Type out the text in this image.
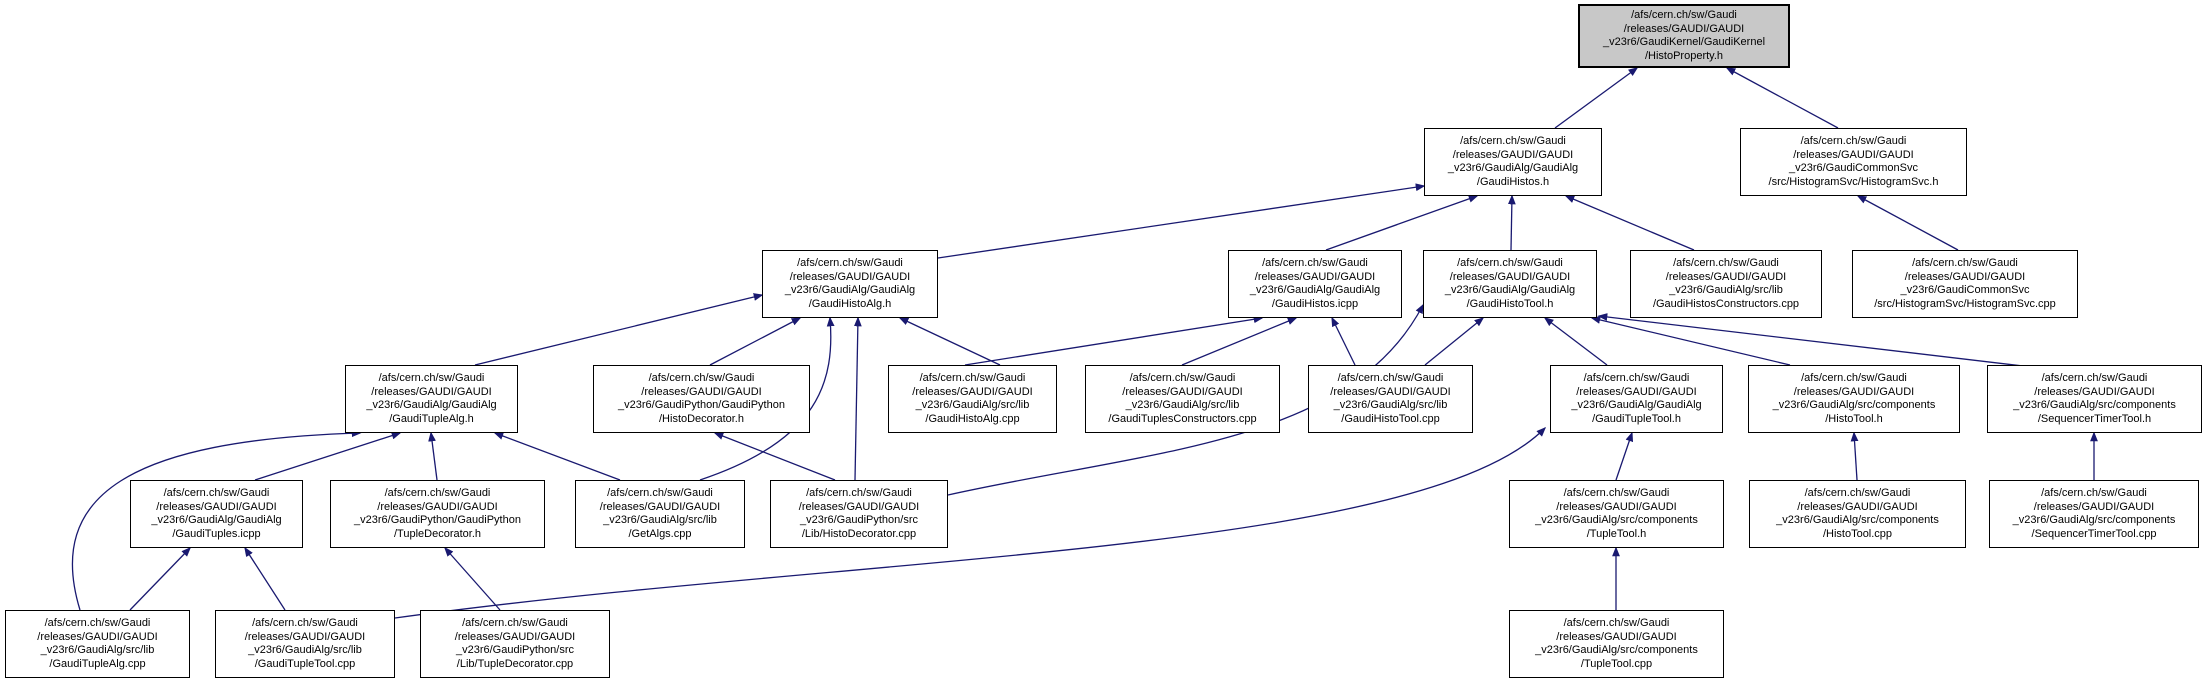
/afs/cern.ch/sw/Gaudi
/releases/GAUDI/GAUDI
_v23r6/GaudiKernel/GaudiKernel
/HistoProperty.h
/afs/cern.ch/sw/Gaudi
/releases/GAUDI/GAUDI
_v23r6/GaudiAlg/GaudiAlg
/GaudiHistos.h
/afs/cern.ch/sw/Gaudi
/releases/GAUDI/GAUDI
_v23r6/GaudiCommonSvc
/src/HistogramSvc/HistogramSvc.h
/afs/cern.ch/sw/Gaudi
/releases/GAUDI/GAUDI
_v23r6/GaudiAlg/GaudiAlg
/GaudiHistoAlg.h
/afs/cern.ch/sw/Gaudi
/releases/GAUDI/GAUDI
_v23r6/GaudiAlg/GaudiAlg
/GaudiHistos.icpp
/afs/cern.ch/sw/Gaudi
/releases/GAUDI/GAUDI
_v23r6/GaudiAlg/GaudiAlg
/GaudiHistoTool.h
/afs/cern.ch/sw/Gaudi
/releases/GAUDI/GAUDI
_v23r6/GaudiAlg/src/lib
/GaudiHistosConstructors.cpp
/afs/cern.ch/sw/Gaudi
/releases/GAUDI/GAUDI
_v23r6/GaudiCommonSvc
/src/HistogramSvc/HistogramSvc.cpp
/afs/cern.ch/sw/Gaudi
/releases/GAUDI/GAUDI
_v23r6/GaudiAlg/GaudiAlg
/GaudiTupleAlg.h
/afs/cern.ch/sw/Gaudi
/releases/GAUDI/GAUDI
_v23r6/GaudiPython/GaudiPython
/HistoDecorator.h
/afs/cern.ch/sw/Gaudi
/releases/GAUDI/GAUDI
_v23r6/GaudiAlg/src/lib
/GaudiHistoAlg.cpp
/afs/cern.ch/sw/Gaudi
/releases/GAUDI/GAUDI
_v23r6/GaudiAlg/src/lib
/GaudiTuplesConstructors.cpp
/afs/cern.ch/sw/Gaudi
/releases/GAUDI/GAUDI
_v23r6/GaudiAlg/src/lib
/GaudiHistoTool.cpp
/afs/cern.ch/sw/Gaudi
/releases/GAUDI/GAUDI
_v23r6/GaudiAlg/GaudiAlg
/GaudiTupleTool.h
/afs/cern.ch/sw/Gaudi
/releases/GAUDI/GAUDI
_v23r6/GaudiAlg/src/components
/HistoTool.h
/afs/cern.ch/sw/Gaudi
/releases/GAUDI/GAUDI
_v23r6/GaudiAlg/src/components
/SequencerTimerTool.h
/afs/cern.ch/sw/Gaudi
/releases/GAUDI/GAUDI
_v23r6/GaudiAlg/GaudiAlg
/GaudiTuples.icpp
/afs/cern.ch/sw/Gaudi
/releases/GAUDI/GAUDI
_v23r6/GaudiPython/GaudiPython
/TupleDecorator.h
/afs/cern.ch/sw/Gaudi
/releases/GAUDI/GAUDI
_v23r6/GaudiAlg/src/lib
/GetAlgs.cpp
/afs/cern.ch/sw/Gaudi
/releases/GAUDI/GAUDI
_v23r6/GaudiPython/src
/Lib/HistoDecorator.cpp
/afs/cern.ch/sw/Gaudi
/releases/GAUDI/GAUDI
_v23r6/GaudiAlg/src/components
/TupleTool.h
/afs/cern.ch/sw/Gaudi
/releases/GAUDI/GAUDI
_v23r6/GaudiAlg/src/components
/HistoTool.cpp
/afs/cern.ch/sw/Gaudi
/releases/GAUDI/GAUDI
_v23r6/GaudiAlg/src/components
/SequencerTimerTool.cpp
/afs/cern.ch/sw/Gaudi
/releases/GAUDI/GAUDI
_v23r6/GaudiAlg/src/lib
/GaudiTupleAlg.cpp
/afs/cern.ch/sw/Gaudi
/releases/GAUDI/GAUDI
_v23r6/GaudiAlg/src/lib
/GaudiTupleTool.cpp
/afs/cern.ch/sw/Gaudi
/releases/GAUDI/GAUDI
_v23r6/GaudiPython/src
/Lib/TupleDecorator.cpp
/afs/cern.ch/sw/Gaudi
/releases/GAUDI/GAUDI
_v23r6/GaudiAlg/src/components
/TupleTool.cpp
